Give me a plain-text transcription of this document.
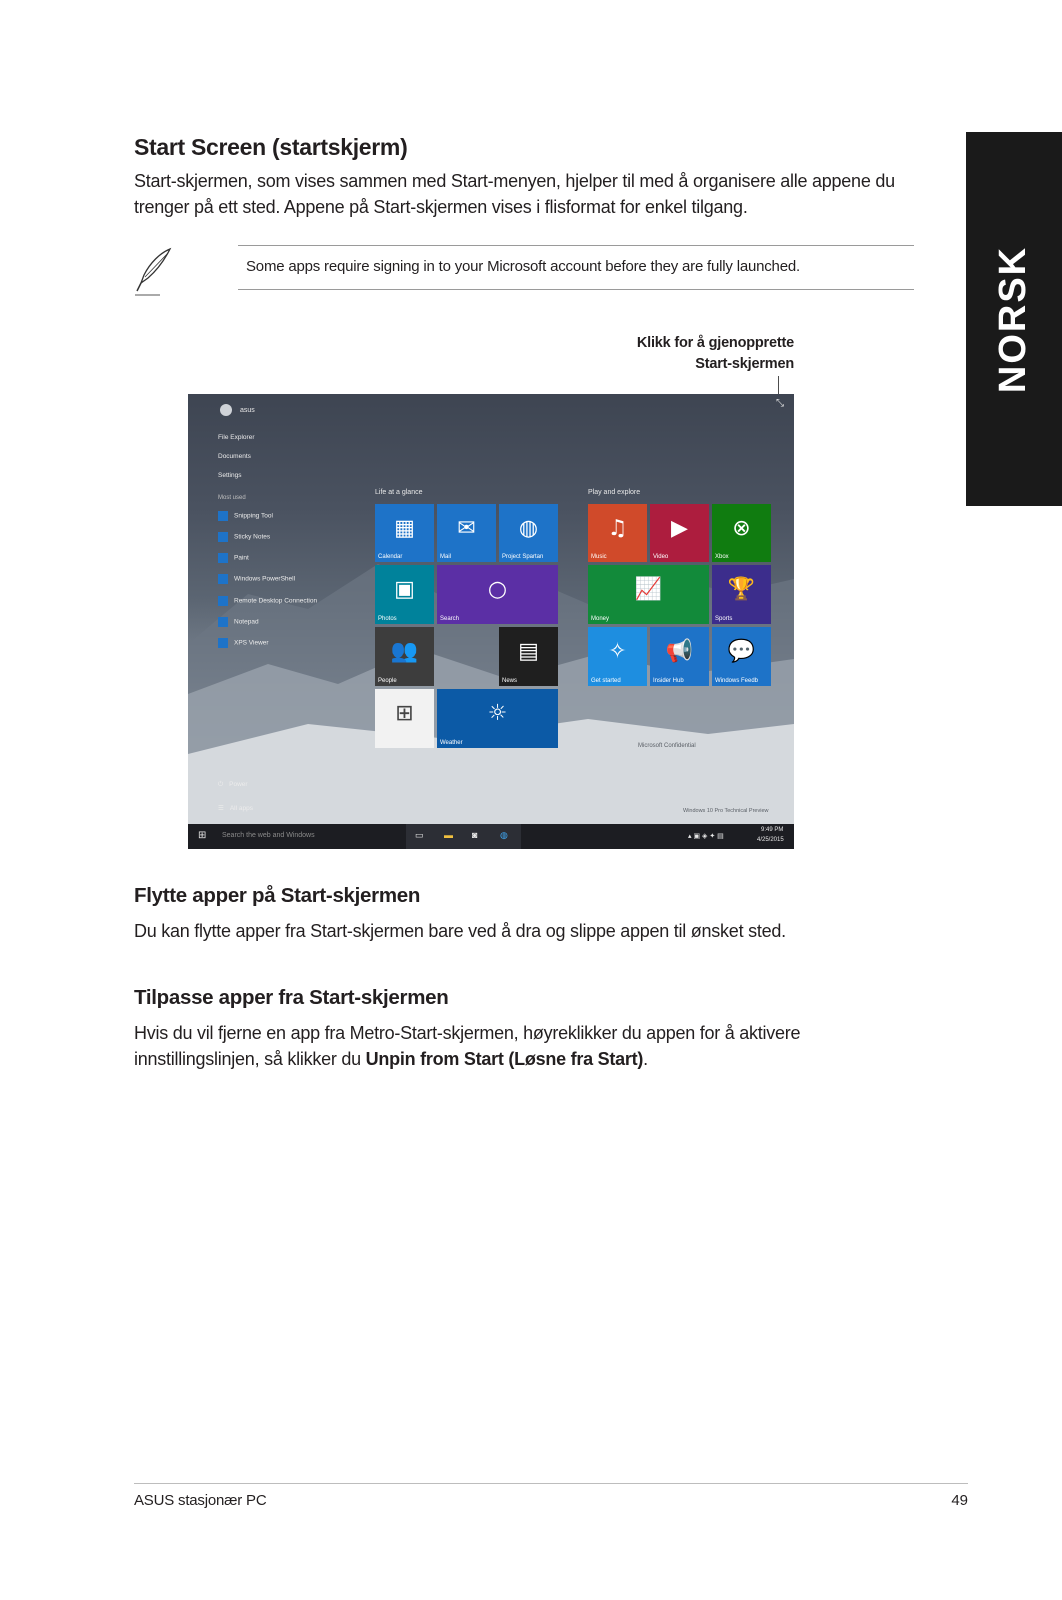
NORSK
Start Screen (startskjerm)
Start-skjermen, som vises sammen med Start-menyen, hjelper til med å organisere alle appene du trenger på ett sted. Appene på Start-skjermen vises i flisformat for enkel tilgang.
Some apps require signing in to your Microsoft account before they are fully launched.
Klikk for å gjenopprette
Start-skjermen
asus
File Explorer
Documents
Settings
Most used
Snipping Tool
Sticky Notes
Paint
Windows PowerShell
Remote Desktop Connection
Notepad
XPS Viewer
⏻ Power
☰ All apps
⤡
Life at a glance	Play and explore
▦
Calendar
✉
Mail
◍
Project Spartan
▣
Photos
○
Search
👥
People
▤
News
⊞	☼
Weather
♫
Music
▶
Video
⊗
Xbox
📈
Money
🏆
Sports
✧
Get started
📢
Insider Hub
💬
Windows Feedb
Microsoft Confidential
Windows 10 Pro Technical Preview
⊞ Search the web and Windows	▭ ▬ ◙	◍	▴ ▣ ◈ ✦ ▤
9:49 PM
4/25/2015
Flytte apper på Start-skjermen
Du kan flytte apper fra Start-skjermen bare ved å dra og slippe appen til ønsket sted.
Tilpasse apper fra Start-skjermen
Hvis du vil fjerne en app fra Metro-Start-skjermen, høyreklikker du appen for å aktivere innstillingslinjen, så klikker du Unpin from Start (Løsne fra Start).
ASUS stasjonær PC	49
